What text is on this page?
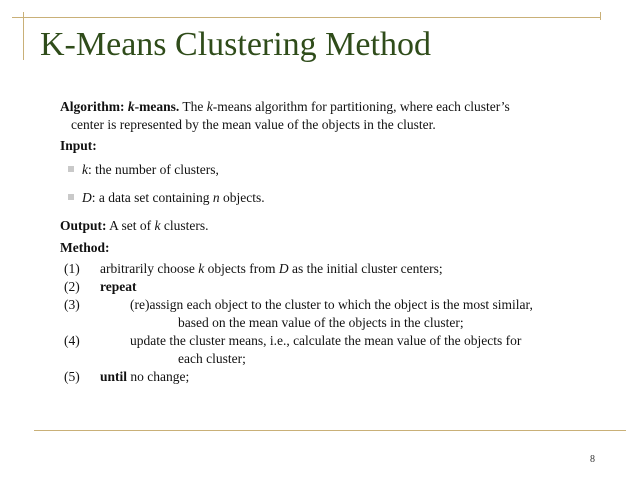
K-Means Clustering Method

Algorithm: k-means. The k-means algorithm for partitioning, where each cluster’s

center is represented by the mean value of the objects in the cluster.

Input:

k: the number of clusters,
D: a data set containing n objects.

Output: A set of k clusters.

Method:

(1) arbitrarily choose k objects from D as the initial cluster centers;
(2) repeat
(3)	(re)assign each object to the cluster to which the object is the most similar,
based on the mean value of the objects in the cluster;
(4)	update the cluster means, i.e., calculate the mean value of the objects for
each cluster;
(5) until no change;
8
